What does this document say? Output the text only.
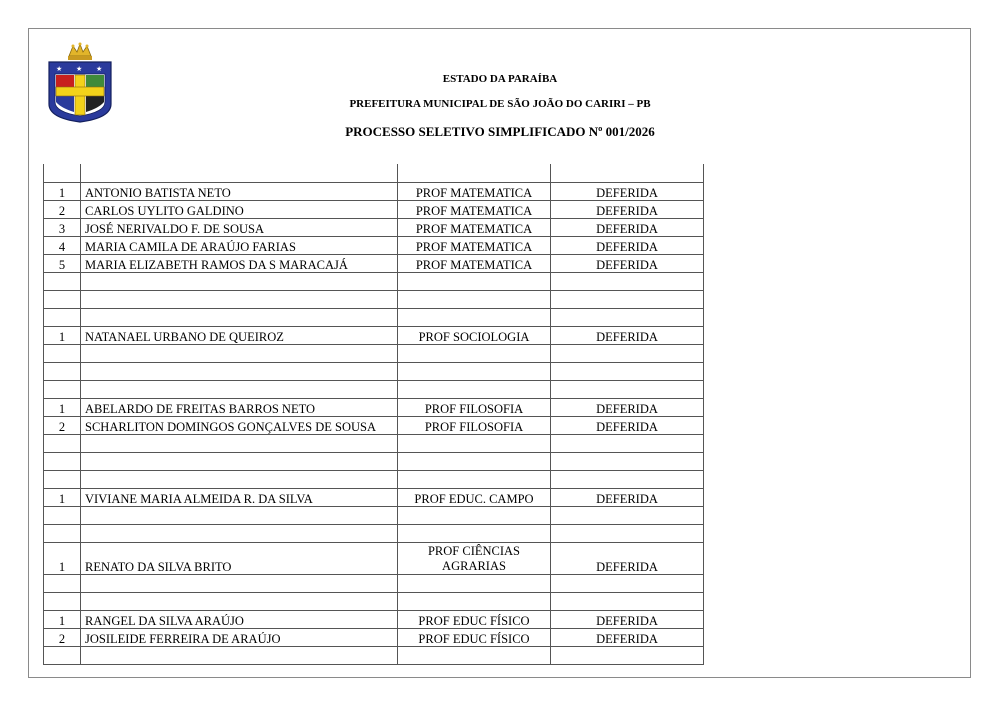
★ ★ ★
ESTADO DA PARAÍBA
PREFEITURA MUNICIPAL DE SÃO JOÃO DO CARIRI – PB
PROCESSO SELETIVO SIMPLIFICADO Nº 001/2026

1	ANTONIO BATISTA NETO	PROF MATEMATICA	DEFERIDA
2	CARLOS UYLITO GALDINO	PROF MATEMATICA	DEFERIDA
3	JOSÉ NERIVALDO F. DE SOUSA	PROF MATEMATICA	DEFERIDA
4	MARIA CAMILA DE ARAÚJO FARIAS	PROF MATEMATICA	DEFERIDA
5	MARIA ELIZABETH RAMOS DA S MARACAJÁ	PROF MATEMATICA	DEFERIDA

1	NATANAEL URBANO DE QUEIROZ	PROF SOCIOLOGIA	DEFERIDA

1	ABELARDO DE FREITAS BARROS NETO	PROF FILOSOFIA	DEFERIDA
2	SCHARLITON DOMINGOS GONÇALVES DE SOUSA	PROF FILOSOFIA	DEFERIDA

1	VIVIANE MARIA ALMEIDA R. DA SILVA	PROF EDUC. CAMPO	DEFERIDA

1	RENATO DA SILVA BRITO	PROF CIÊNCIAS AGRARIAS	DEFERIDA

1	RANGEL DA SILVA ARAÚJO	PROF EDUC FÍSICO	DEFERIDA
2	JOSILEIDE FERREIRA DE ARAÚJO	PROF EDUC FÍSICO	DEFERIDA
